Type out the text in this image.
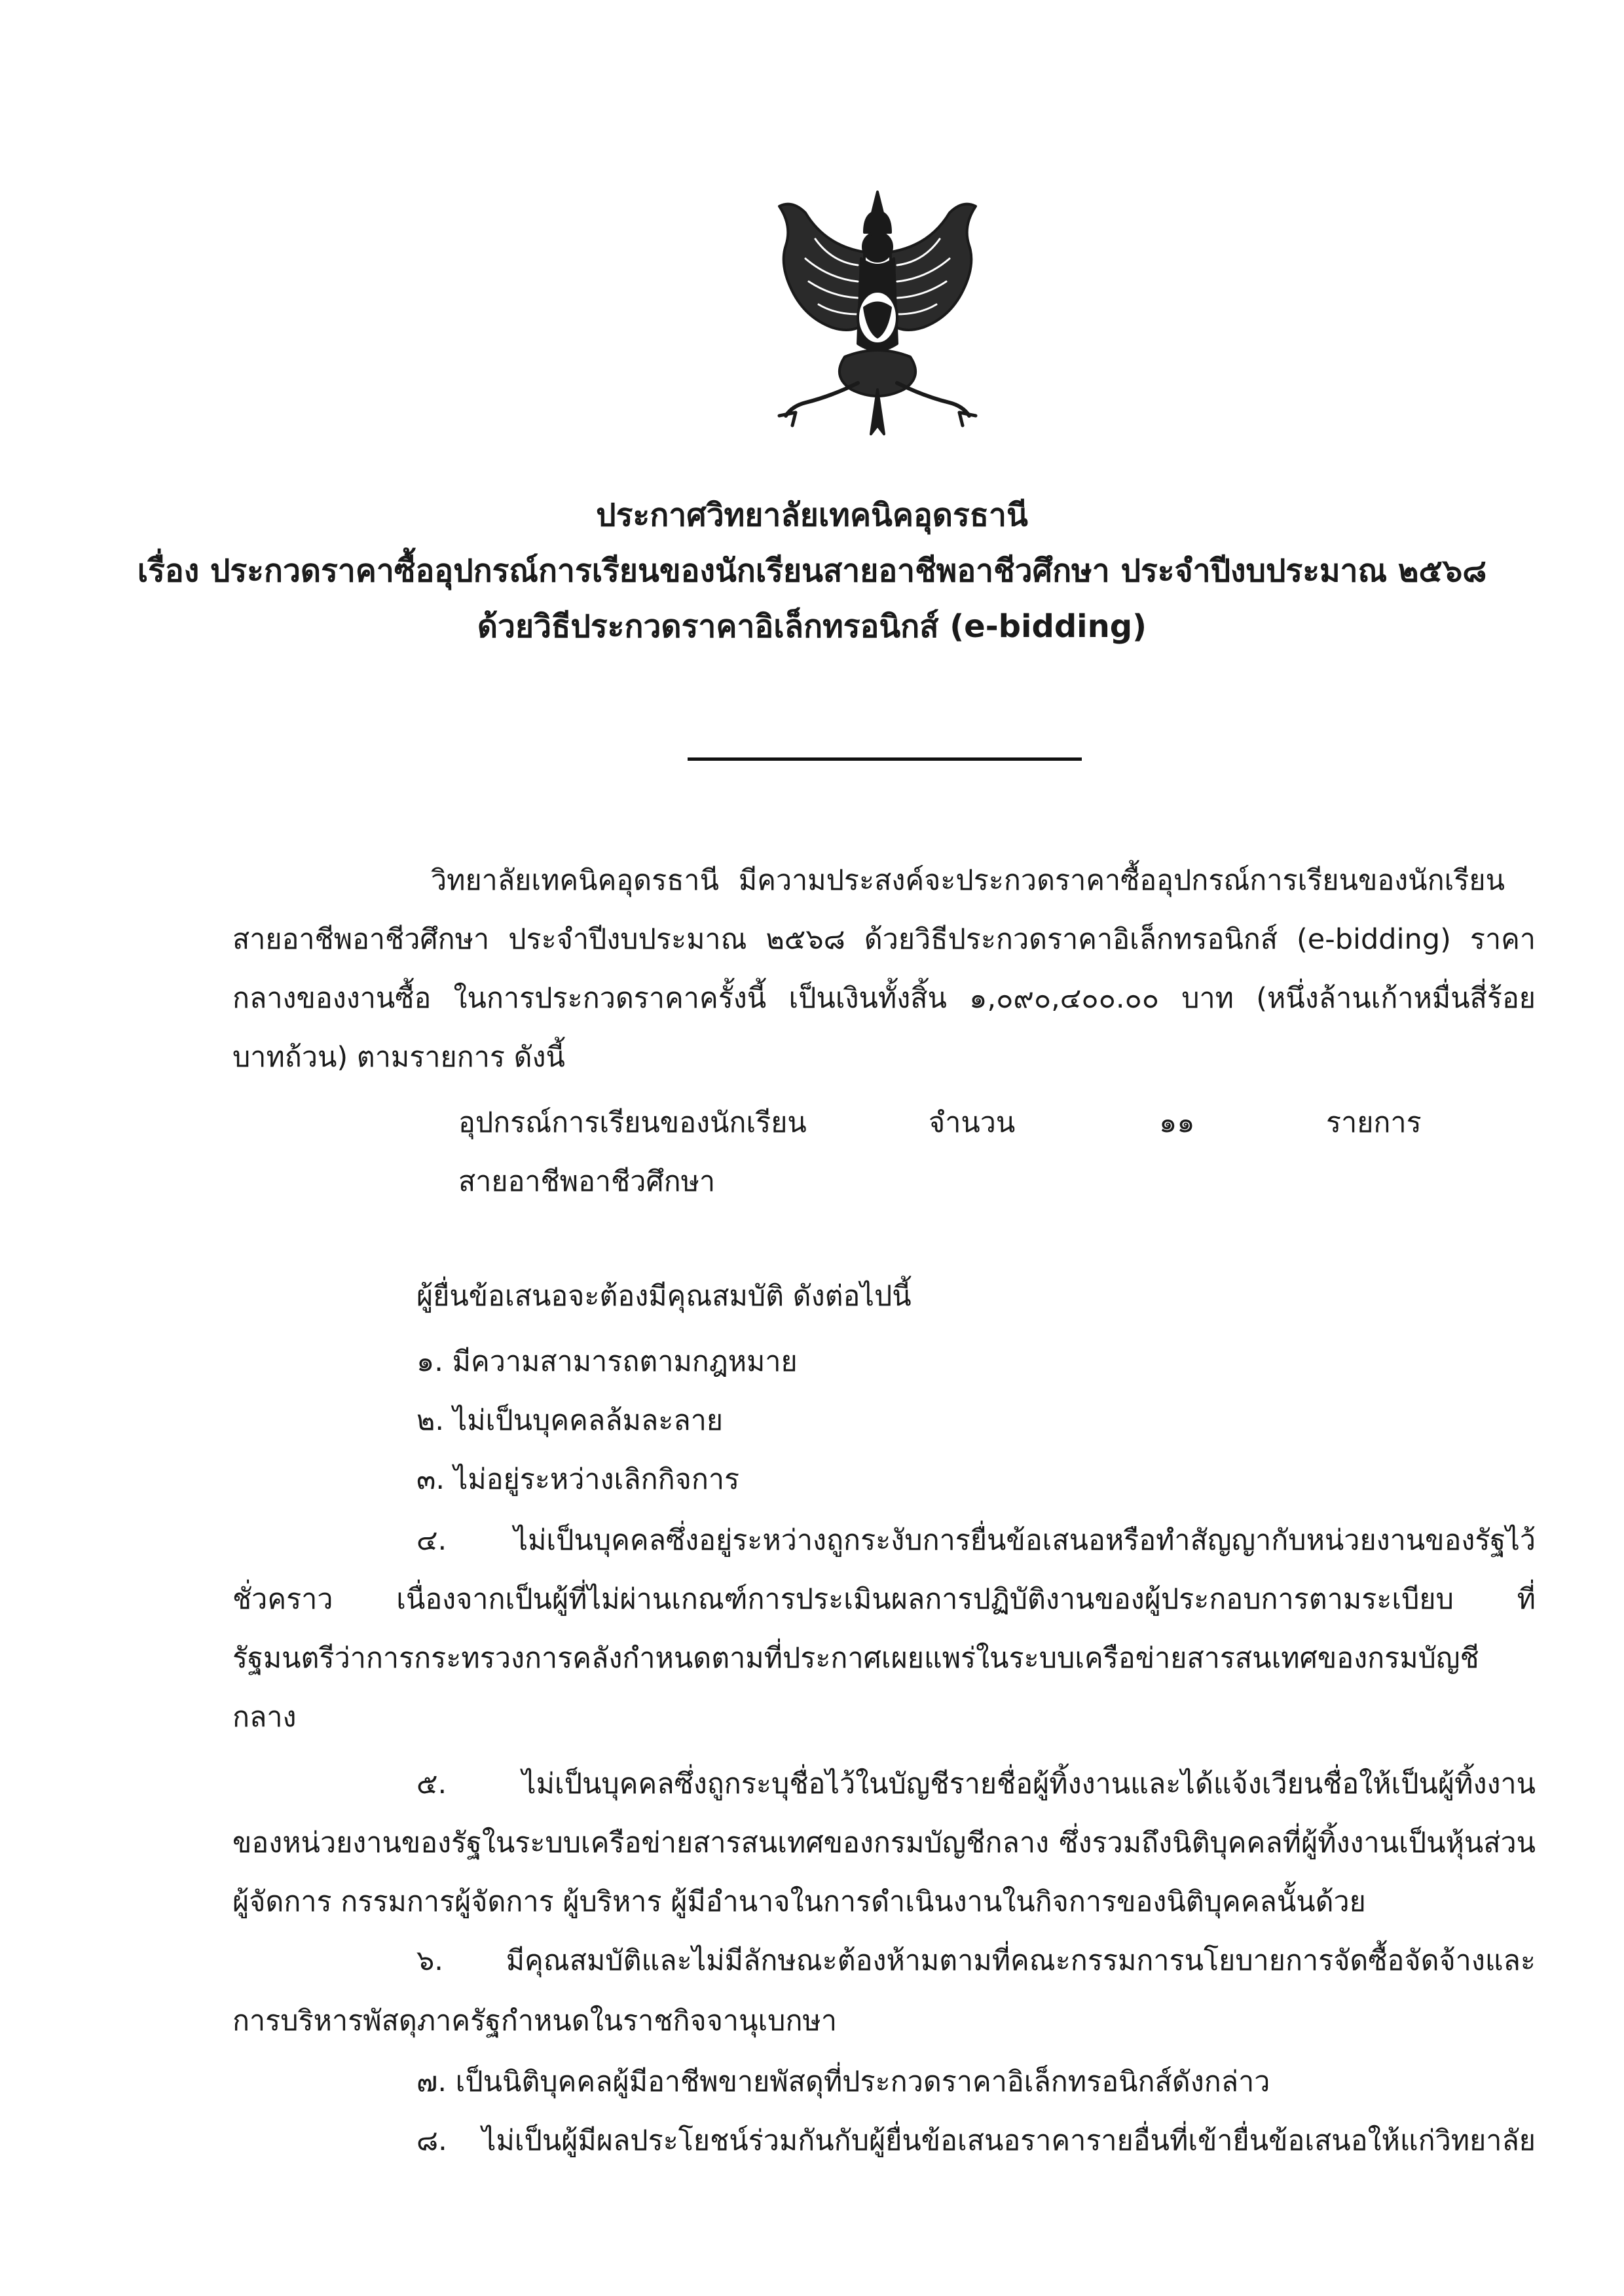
ประกาศวิทยาลัยเทคนิคอุดรธานี
เรื่อง ประกวดราคาซื้ออุปกรณ์การเรียนของนักเรียนสายอาชีพอาชีวศึกษา ประจำปีงบประมาณ ๒๕๖๘
ด้วยวิธีประกวดราคาอิเล็กทรอนิกส์ (e-bidding)
วิทยาลัยเทคนิคอุดรธานี มีความประสงค์จะประกวดราคาซื้ออุปกรณ์การเรียนของนักเรียน
สายอาชีพอาชีวศึกษา ประจำปีงบประมาณ ๒๕๖๘ ด้วยวิธีประกวดราคาอิเล็กทรอนิกส์ (e-bidding) ราคา
กลางของงานซื้อ ในการประกวดราคาครั้งนี้ เป็นเงินทั้งสิ้น ๑,๐๙๐,๔๐๐.๐๐ บาท (หนึ่งล้านเก้าหมื่นสี่ร้อย
บาทถ้วน) ตามรายการ ดังนี้
อุปกรณ์การเรียนของนักเรียน	จำนวน	๑๑	รายการ
สายอาชีพอาชีวศึกษา
ผู้ยื่นข้อเสนอจะต้องมีคุณสมบัติ ดังต่อไปนี้
๑. มีความสามารถตามกฎหมาย
๒. ไม่เป็นบุคคลล้มละลาย
๓. ไม่อยู่ระหว่างเลิกกิจการ
๔. ไม่เป็นบุคคลซึ่งอยู่ระหว่างถูกระงับการยื่นข้อเสนอหรือทำสัญญากับหน่วยงานของรัฐไว้
ชั่วคราว เนื่องจากเป็นผู้ที่ไม่ผ่านเกณฑ์การประเมินผลการปฏิบัติงานของผู้ประกอบการตามระเบียบ ที่
รัฐมนตรีว่าการกระทรวงการคลังกำหนดตามที่ประกาศเผยแพร่ในระบบเครือข่ายสารสนเทศของกรมบัญชี
กลาง
๕. ไม่เป็นบุคคลซึ่งถูกระบุชื่อไว้ในบัญชีรายชื่อผู้ทิ้งงานและได้แจ้งเวียนชื่อให้เป็นผู้ทิ้งงาน
ของหน่วยงานของรัฐในระบบเครือข่ายสารสนเทศของกรมบัญชีกลาง ซึ่งรวมถึงนิติบุคคลที่ผู้ทิ้งงานเป็นหุ้นส่วน
ผู้จัดการ กรรมการผู้จัดการ ผู้บริหาร ผู้มีอำนาจในการดำเนินงานในกิจการของนิติบุคคลนั้นด้วย
๖. มีคุณสมบัติและไม่มีลักษณะต้องห้ามตามที่คณะกรรมการนโยบายการจัดซื้อจัดจ้างและ
การบริหารพัสดุภาครัฐกำหนดในราชกิจจานุเบกษา
๗. เป็นนิติบุคคลผู้มีอาชีพขายพัสดุที่ประกวดราคาอิเล็กทรอนิกส์ดังกล่าว
๘. ไม่เป็นผู้มีผลประโยชน์ร่วมกันกับผู้ยื่นข้อเสนอราคารายอื่นที่เข้ายื่นข้อเสนอให้แก่วิทยาลัย
